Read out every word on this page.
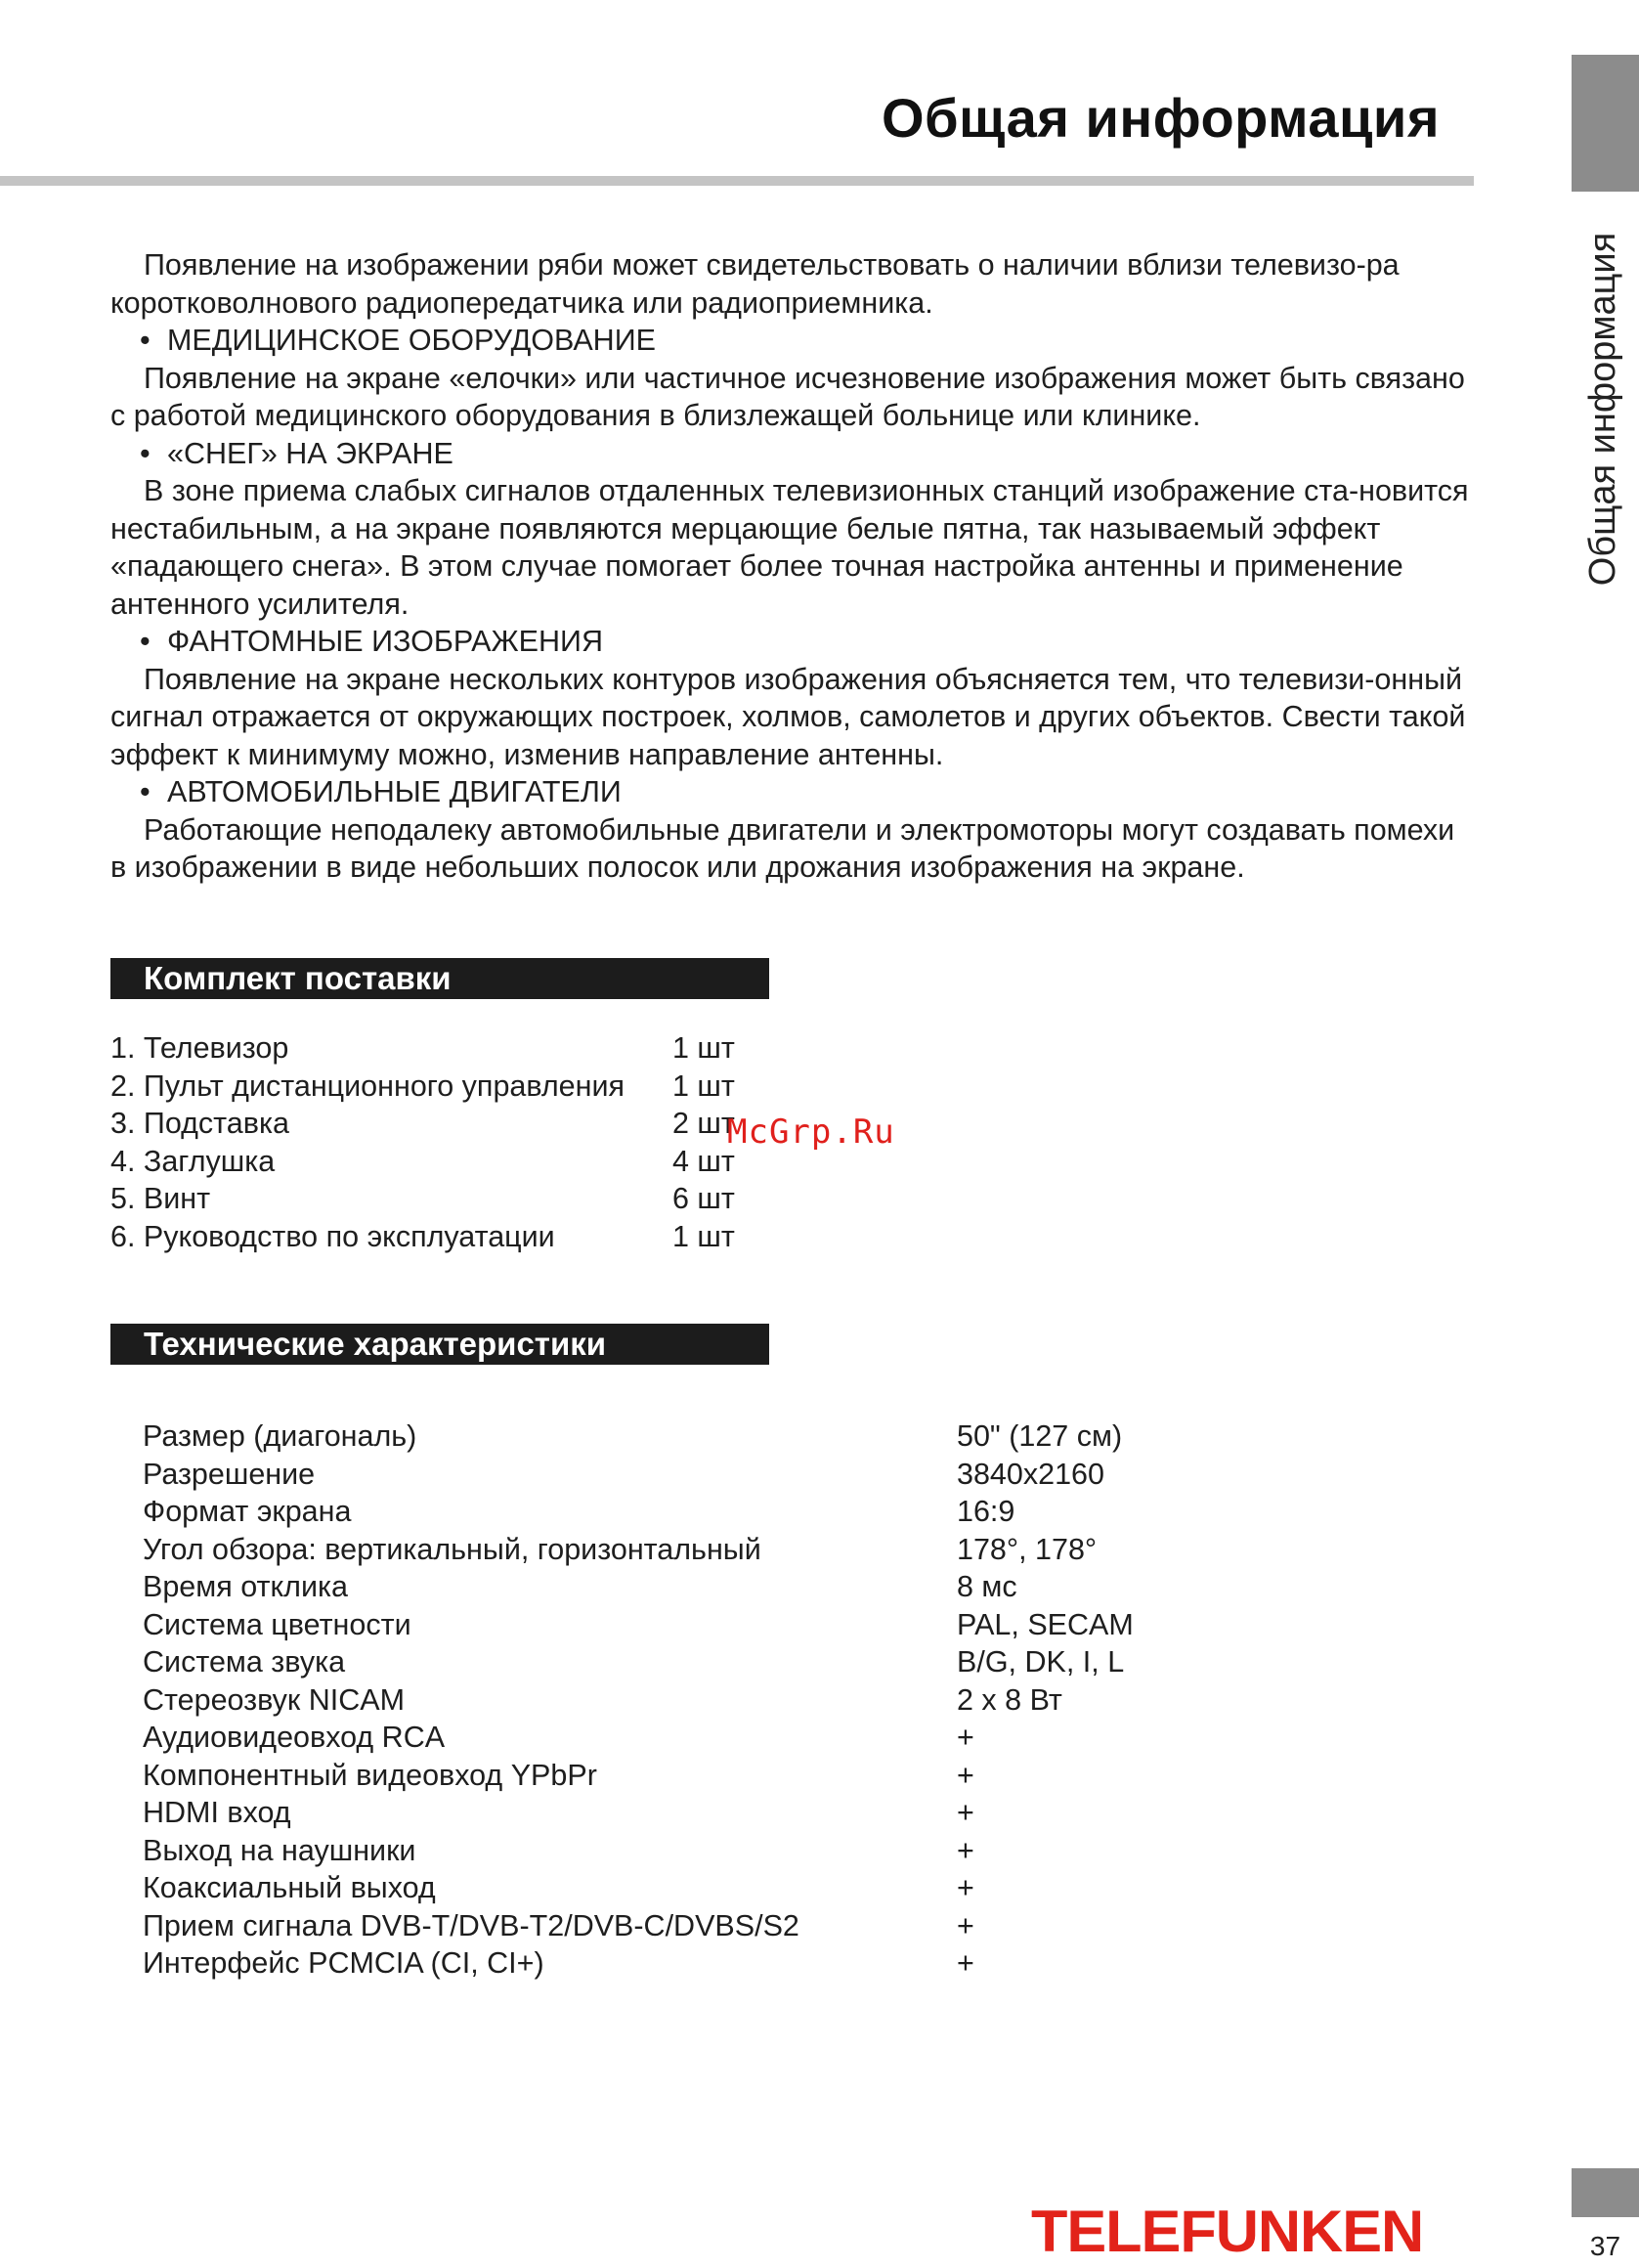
Общая информация
Общая информация

Появление на изображении ряби может свидетельствовать о наличии вблизи телевизо-ра коротковолнового радиопередатчика или радиоприемника.

• МЕДИЦИНСКОЕ ОБОРУДОВАНИЕ

Появление на экране «елочки» или частичное исчезновение изображения может быть связано с работой медицинского оборудования в близлежащей больнице или клинике.

• «СНЕГ» НА ЭКРАНЕ

В зоне приема слабых сигналов отдаленных телевизионных станций изображение ста-новится нестабильным, а на экране появляются мерцающие белые пятна, так называемый эффект «падающего снега». В этом случае помогает более точная настройка антенны и применение антенного усилителя.

• ФАНТОМНЫЕ ИЗОБРАЖЕНИЯ

Появление на экране нескольких контуров изображения объясняется тем, что телевизи-онный сигнал отражается от окружающих построек, холмов, самолетов и других объектов. Свести такой эффект к минимуму можно, изменив направление антенны.

• АВТОМОБИЛЬНЫЕ ДВИГАТЕЛИ

Работающие неподалеку автомобильные двигатели и электромоторы могут создавать помехи в изображении в виде небольших полосок или дрожания изображения на экране.

Комплект поставки
1. Телевизор	1 шт
2. Пульт дистанционного управления 1 шт
3. Подставка	2 шт
4. Заглушка	4 шт
5. Винт	6 шт
6. Руководство по эксплуатации	1 шт
McGrp.Ru
Технические характеристики
Размер (диагональ)	50" (127 см)
Разрешение	3840x2160
Формат экрана	16:9
Угол обзора: вертикальный, горизонтальный	178°, 178°
Время отклика	8 мс
Система цветности	PAL, SECAM
Система звука	B/G, DK, I, L
Стереозвук NICAM	2 х 8 Вт
Аудиовидеовход RCA	+
Компонентный видеовход YPbPr	+
HDMI вход	+
Выход на наушники	+
Коаксиальный выход	+
Прием сигнала DVB-T/DVB-T2/DVB-C/DVBS/S2	+
Интерфейс PCMCIA (CI, CI+)	+
TELEFUNKEN	37
